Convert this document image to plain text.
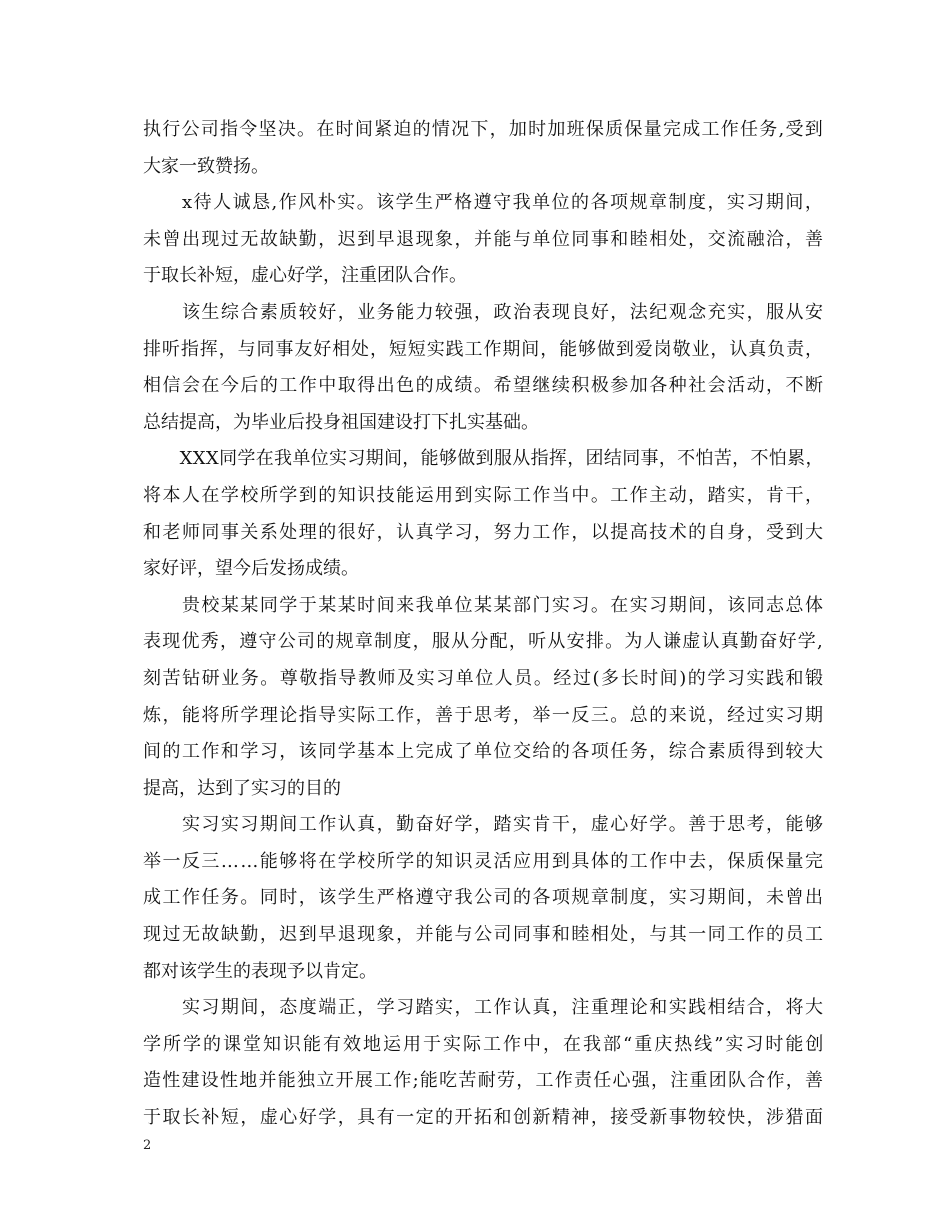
执行公司指令坚决。在时间紧迫的情况下，加时加班保质保量完成工作任务,受到
大家一致赞扬。
　　x待人诚恳,作风朴实。该学生严格遵守我单位的各项规章制度，实习期间，
未曾出现过无故缺勤，迟到早退现象，并能与单位同事和睦相处，交流融洽，善
于取长补短，虚心好学，注重团队合作。
　　该生综合素质较好，业务能力较强，政治表现良好，法纪观念充实，服从安
排听指挥，与同事友好相处，短短实践工作期间，能够做到爱岗敬业，认真负责，
相信会在今后的工作中取得出色的成绩。希望继续积极参加各种社会活动，不断
总结提高，为毕业后投身祖国建设打下扎实基础。
　　XXX同学在我单位实习期间，能够做到服从指挥，团结同事，不怕苦，不怕累，
将本人在学校所学到的知识技能运用到实际工作当中。工作主动，踏实，肯干，
和老师同事关系处理的很好，认真学习，努力工作，以提高技术的自身，受到大
家好评，望今后发扬成绩。
　　贵校某某同学于某某时间来我单位某某部门实习。在实习期间，该同志总体
表现优秀，遵守公司的规章制度，服从分配，听从安排。为人谦虚认真勤奋好学,
刻苦钻研业务。尊敬指导教师及实习单位人员。经过(多长时间)的学习实践和锻
炼，能将所学理论指导实际工作，善于思考，举一反三。总的来说，经过实习期
间的工作和学习，该同学基本上完成了单位交给的各项任务，综合素质得到较大
提高，达到了实习的目的
　　实习实习期间工作认真，勤奋好学，踏实肯干，虚心好学。善于思考，能够
举一反三……能够将在学校所学的知识灵活应用到具体的工作中去，保质保量完
成工作任务。同时，该学生严格遵守我公司的各项规章制度，实习期间，未曾出
现过无故缺勤，迟到早退现象，并能与公司同事和睦相处，与其一同工作的员工
都对该学生的表现予以肯定。
　　实习期间，态度端正，学习踏实，工作认真，注重理论和实践相结合，将大
学所学的课堂知识能有效地运用于实际工作中，在我部“重庆热线”实习时能创
造性建设性地并能独立开展工作;能吃苦耐劳，工作责任心强，注重团队合作，善
于取长补短，虚心好学，具有一定的开拓和创新精神，接受新事物较快，涉猎面
2
